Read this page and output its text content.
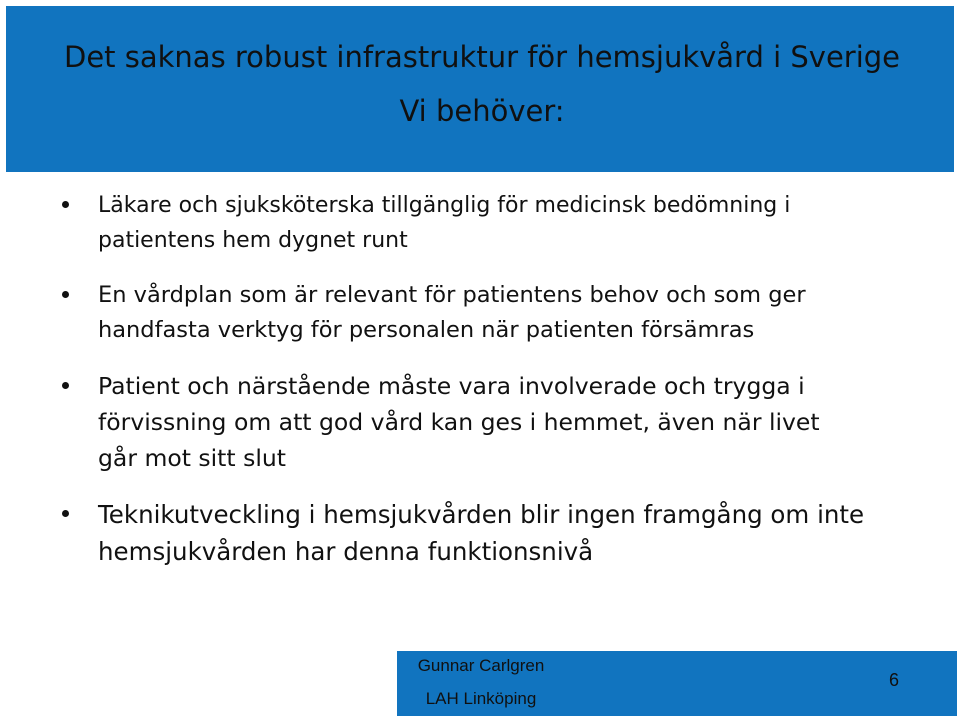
Det saknas robust infrastruktur för hemsjukvård i Sverige
Vi behöver:
Läkare och sjuksköterska tillgänglig för medicinsk bedömning i
patientens hem dygnet runt
En vårdplan som är relevant för patientens behov och som ger
handfasta verktyg för personalen när patienten försämras
Patient och närstående måste vara involverade och trygga i
förvissning om att god vård kan ges i hemmet, även när livet
går mot sitt slut
Teknikutveckling i hemsjukvården blir ingen framgång om inte
hemsjukvården har denna funktionsnivå
Gunnar Carlgren
LAH Linköping
6
